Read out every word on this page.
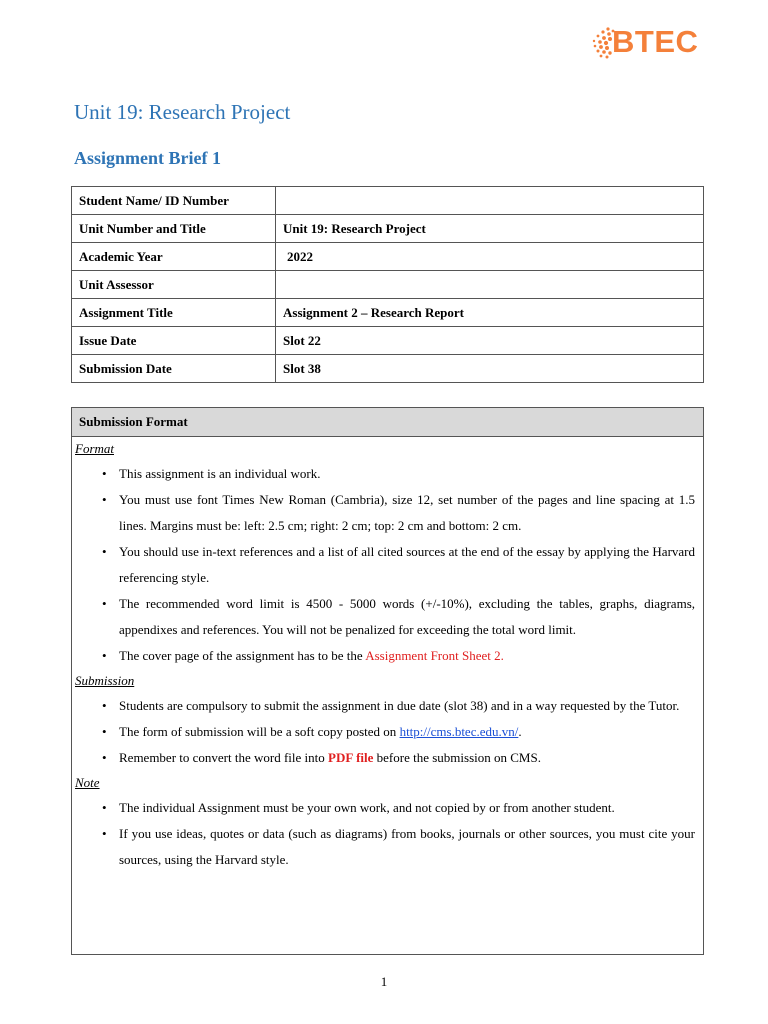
BTEC
Unit 19: Research Project
Assignment Brief 1
Student Name/ ID Number	
Unit Number and Title	Unit 19: Research Project
Academic Year	2022
Unit Assessor	
Assignment Title	Assignment 2 – Research Report
Issue Date	Slot 22
Submission Date	Slot 38
Submission Format
Format
• This assignment is an individual work.
• You must use font Times New Roman (Cambria), size 12, set number of the pages and line spacing at 1.5 lines. Margins must be: left: 2.5 cm; right: 2 cm; top: 2 cm and bottom: 2 cm.
• You should use in-text references and a list of all cited sources at the end of the essay by applying the Harvard referencing style.
• The recommended word limit is 4500 - 5000 words (+/-10%), excluding the tables, graphs, diagrams, appendixes and references. You will not be penalized for exceeding the total word limit.
• The cover page of the assignment has to be the Assignment Front Sheet 2.
Submission
• Students are compulsory to submit the assignment in due date (slot 38) and in a way requested by the Tutor.
• The form of submission will be a soft copy posted on http://cms.btec.edu.vn/.
• Remember to convert the word file into PDF file before the submission on CMS.
Note
• The individual Assignment must be your own work, and not copied by or from another student.
• If you use ideas, quotes or data (such as diagrams) from books, journals or other sources, you must cite your sources, using the Harvard style.
1
